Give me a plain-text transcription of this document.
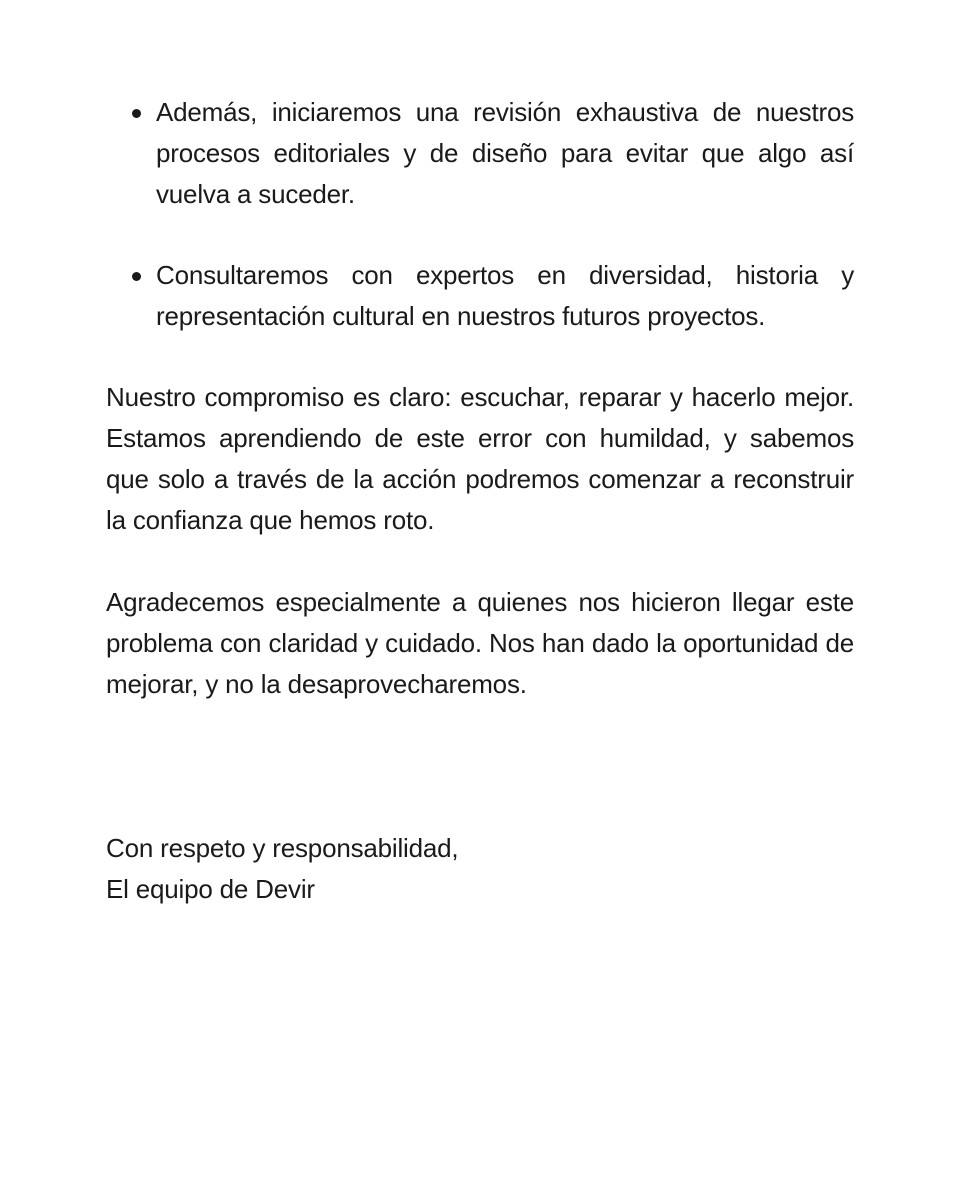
Además, iniciaremos una revisión exhaustiva de nuestros procesos editoriales y de diseño para evitar que algo así vuelva a suceder.
Consultaremos con expertos en diversidad, historia y representación cultural en nuestros futuros proyectos.

Nuestro compromiso es claro: escuchar, reparar y hacerlo mejor. Estamos aprendiendo de este error con humildad, y sabemos que solo a través de la acción podremos comenzar a reconstruir la confianza que hemos roto.

Agradecemos especialmente a quienes nos hicieron llegar este problema con claridad y cuidado. Nos han dado la oportunidad de mejorar, y no la desaprovecharemos.

Con respeto y responsabilidad,
El equipo de Devir
